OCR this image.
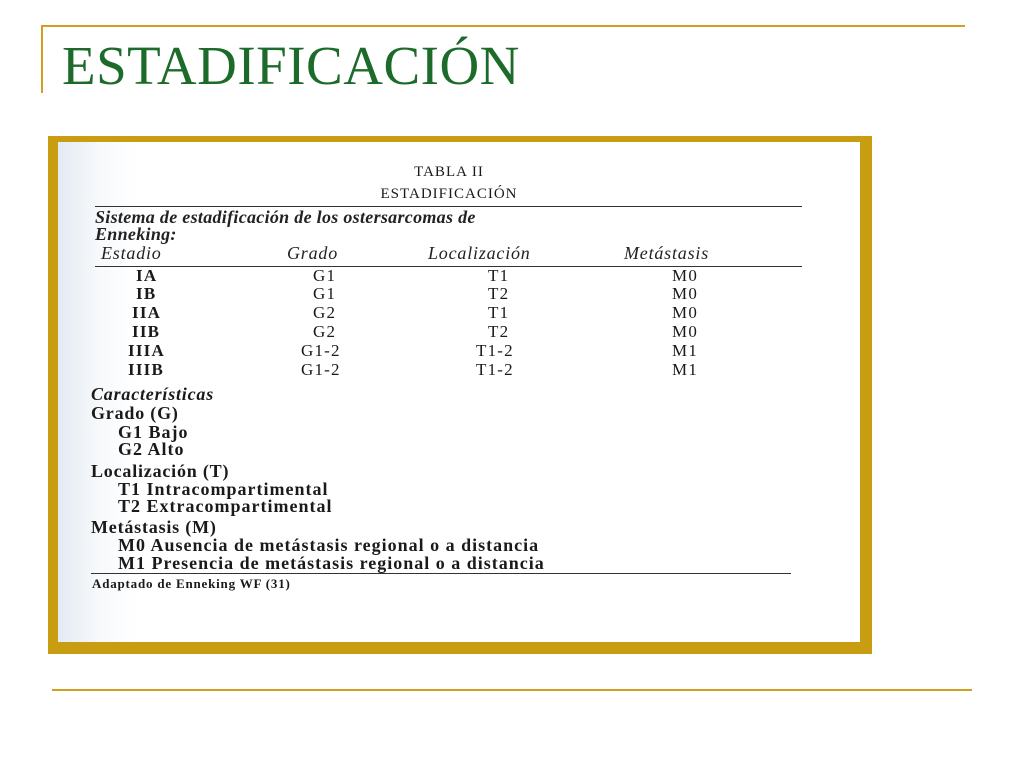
ESTADIFICACIÓN
TABLA II
ESTADIFICACIÓN
Sistema de estadificación de los ostersarcomas de
Enneking:
Estadio	Grado	Localización	Metástasis
IA	G1	T1	M0
IB	G1	T2	M0
IIA	G2	T1	M0
IIB	G2	T2	M0
IIIA	G1-2	T1-2	M1
IIIB	G1-2	T1-2	M1
Características
Grado (G)
G1 Bajo
G2 Alto
Localización (T)
T1 Intracompartimental
T2 Extracompartimental
Metástasis (M)
M0 Ausencia de metástasis regional o a distancia
M1 Presencia de metástasis regional o a distancia
Adaptado de Enneking WF (31)
